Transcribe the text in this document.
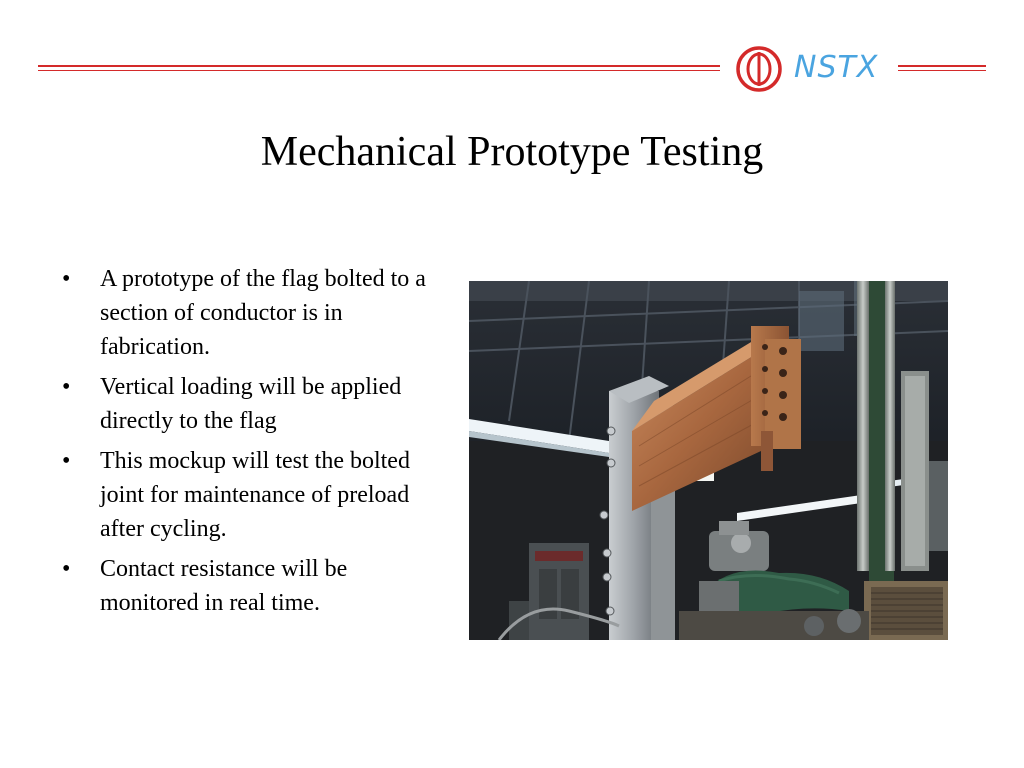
NSTX
Mechanical Prototype Testing
• A prototype of the flag bolted to a section of conductor is in fabrication.
• Vertical loading will be applied directly to the flag
• This mockup will test the bolted joint for maintenance of preload after cycling.
• Contact resistance will be monitored in real time.
